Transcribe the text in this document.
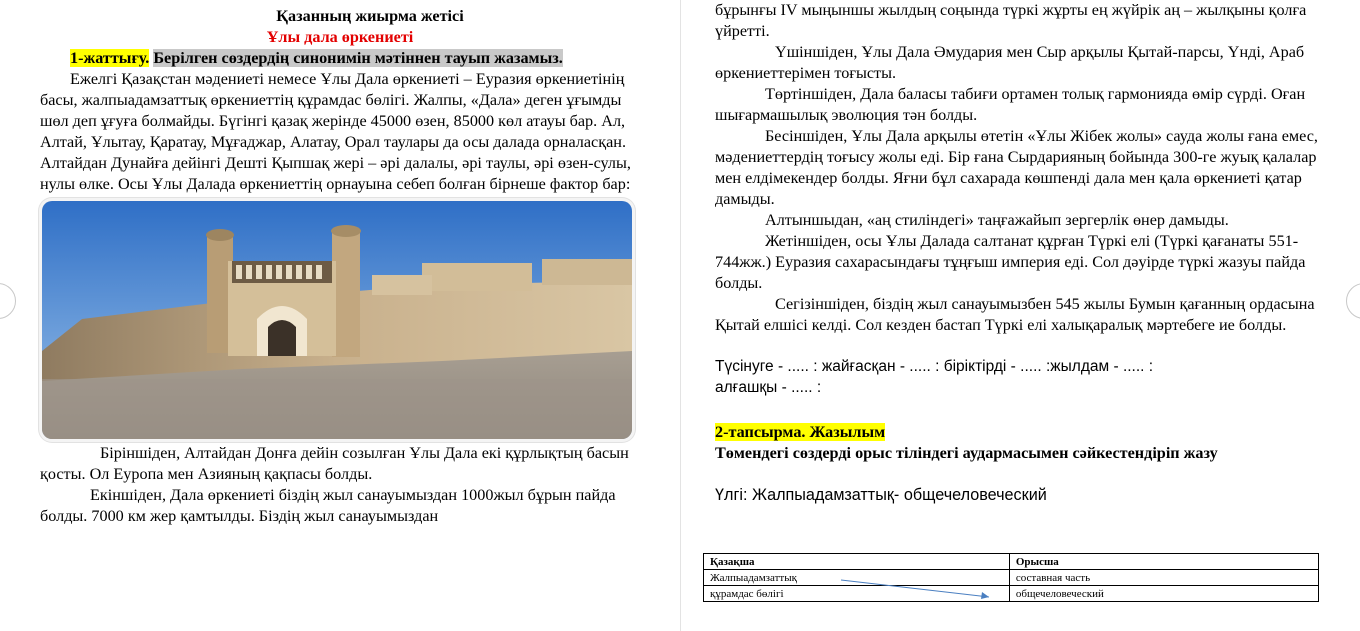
Қазанның жиырма жетісі

Ұлы дала өркениеті

1-жаттығу. Берілген сөздердің синонимін мәтіннен тауып жазамыз.

Ежелгі Қазақстан мәдениеті немесе Ұлы Дала өркениеті – Еуразия өркениетінің басы, жалпыадамзаттық өркениеттің құрамдас бөлігі. Жалпы, «Дала» деген ұғымды шөл деп ұғуға болмайды. Бүгінгі қазақ жерінде 45000 өзен, 85000 көл атауы бар. Ал, Алтай, Ұлытау, Қаратау, Мұғаджар, Алатау, Орал таулары да осы далада орналасқан. Алтайдан Дунайға дейінгі Дешті Қыпшақ жері – әрі далалы, әрі таулы, әрі өзен-сулы, нулы өлке. Осы Ұлы Далада өркениеттің орнауына себеп болған бірнеше фактор бар:

Біріншіден, Алтайдан Донға дейін созылған Ұлы Дала екі құрлықтың басын қосты. Ол Еуропа мен Азияның қақпасы болды.

Екіншіден, Дала өркениеті біздің жыл санауымыздан 1000жыл бұрын пайда болды. 7000 км жер қамтылды. Біздің жыл санауымыздан

бұрынғы IV мыңыншы жылдың соңында түркі жұрты ең жүйрік аң – жылқыны қолға үйретті.

Үшіншіден, Ұлы Дала Әмудария мен Сыр арқылы Қытай-парсы, Үнді, Араб өркениеттерімен тоғысты.

Төртіншіден, Дала баласы табиғи ортамен толық гармонияда өмір сүрді. Оған шығармашылық эволюция тән болды.

Бесіншіден, Ұлы Дала арқылы өтетін «Ұлы Жібек жолы» сауда жолы ғана емес, мәдениеттердің тоғысу жолы еді. Бір ғана Сырдарияның бойында 300-ге жуық қалалар мен елдімекендер болды. Яғни бұл сахарада көшпенді дала мен қала өркениеті қатар дамыды.

Алтыншыдан, «аң стиліндегі» таңғажайып зергерлік өнер дамыды.

Жетіншіден, осы Ұлы Далада салтанат құрған Түркі елі (Түркі қағанаты 551-744жж.) Еуразия сахарасындағы тұңғыш империя еді. Сол дәуірде түркі жазуы пайда болды.

Сегізіншіден, біздің жыл санауымызбен 545 жылы Бумын қағанның ордасына Қытай елшісі келді. Сол кезден бастап Түркі елі халықаралық мәртебеге ие болды.

Түсінуге - ..... : жайғасқан - ..... : біріктірді - ..... :жылдам - ..... :

алғашқы - ..... :

2-тапсырма. Жазылым

Төмендегі сөздерді орыс тіліндегі аудармасымен сәйкестендіріп жазу

Үлгі: Жалпыадамзаттық- общечеловеческий

Қазақша	Орысша
Жалпыадамзаттық	составная часть
құрамдас бөлігі	общечеловеческий
